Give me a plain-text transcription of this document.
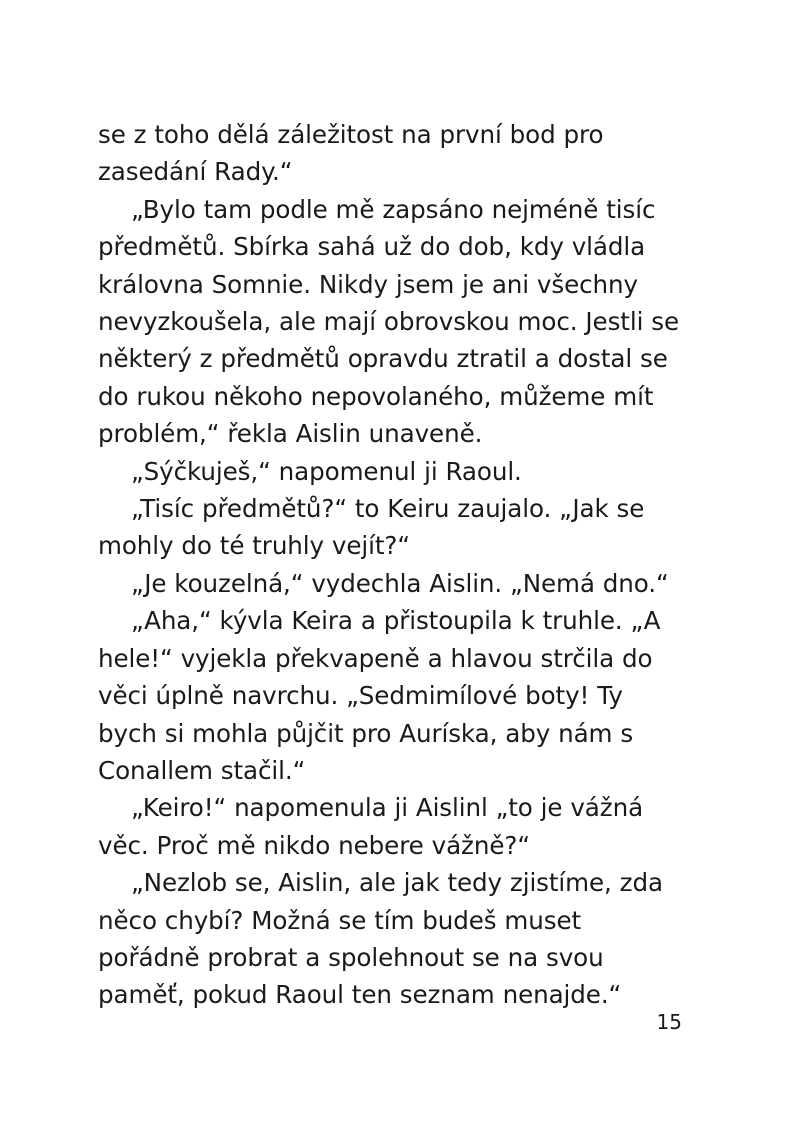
se z toho dělá záležitost na první bod pro zasedání Rady.“

„Bylo tam podle mě zapsáno nejméně tisíc předmětů. Sbírka sahá už do dob, kdy vládla královna Somnie. Nikdy jsem je ani všechny nevyzkoušela, ale mají obrovskou moc. Jestli se některý z předmětů opravdu ztratil a dostal se do rukou někoho nepovolaného, můžeme mít problém,“ řekla Aislin unaveně.

„Sýčkuješ,“ napomenul ji Raoul.

„Tisíc předmětů?“ to Keiru zaujalo. „Jak se mohly do té truhly vejít?“

„Je kouzelná,“ vydechla Aislin. „Nemá dno.“

„Aha,“ kývla Keira a přistoupila k truhle. „A hele!“ vyjekla překvapeně a hlavou strčila do věci úplně navrchu. „Sedmimílové boty! Ty bych si mohla půjčit pro Auríska, aby nám s Conallem stačil.“

„Keiro!“ napomenula ji Aislinl „to je vážná věc. Proč mě nikdo nebere vážně?“

„Nezlob se, Aislin, ale jak tedy zjistíme, zda něco chybí? Možná se tím budeš muset pořádně probrat a spolehnout se na svou paměť, pokud Raoul ten seznam nenajde.“

15
